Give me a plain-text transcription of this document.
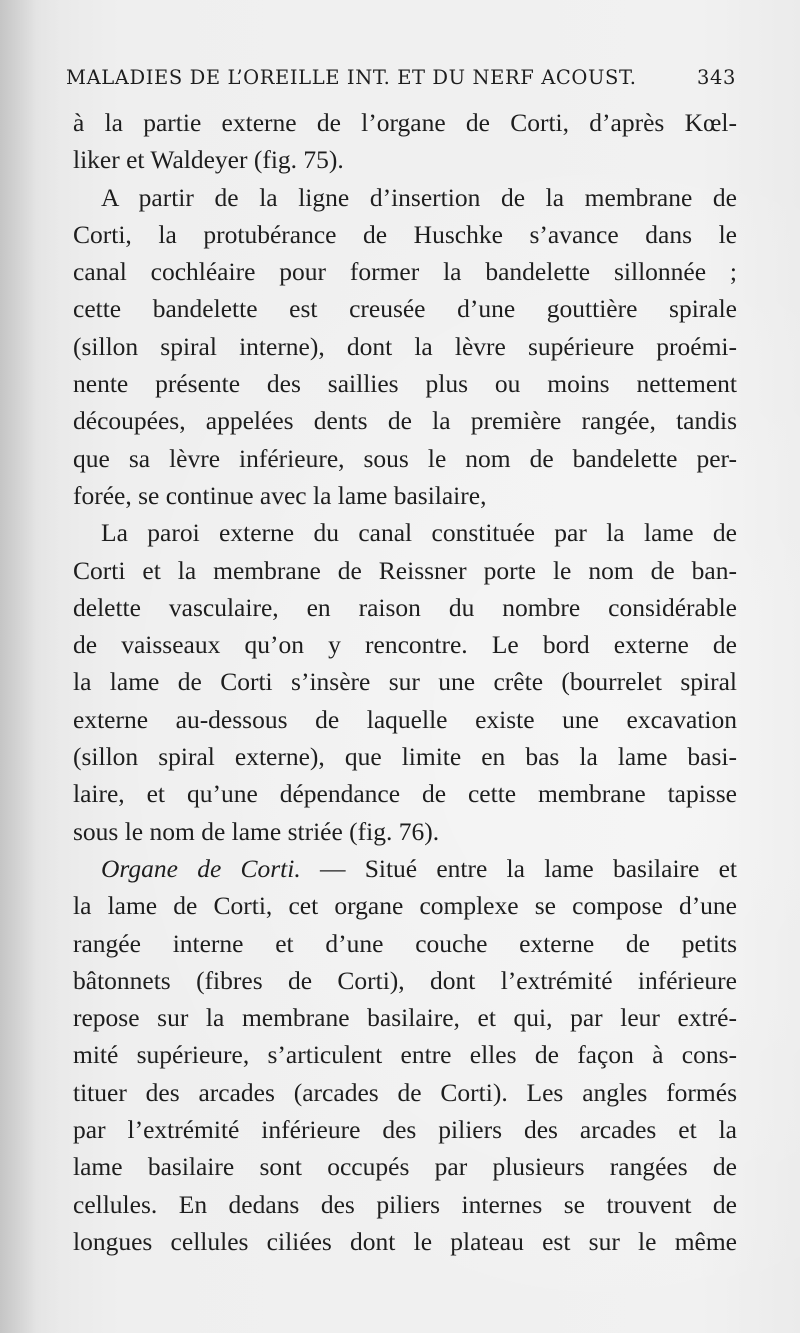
MALADIES DE L’OREILLE INT. ET DU NERF ACOUST.	343
à la partie externe de l’organe de Corti, d’après Kœl-
liker et Waldeyer (fig. 75).
A partir de la ligne d’insertion de la membrane de
Corti, la protubérance de Huschke s’avance dans le
canal cochléaire pour former la bandelette sillonnée ;
cette bandelette est creusée d’une gouttière spirale
(sillon spiral interne), dont la lèvre supérieure proémi-
nente présente des saillies plus ou moins nettement
découpées, appelées dents de la première rangée, tandis
que sa lèvre inférieure, sous le nom de bandelette per-
forée, se continue avec la lame basilaire,
La paroi externe du canal constituée par la lame de
Corti et la membrane de Reissner porte le nom de ban-
delette vasculaire, en raison du nombre considérable
de vaisseaux qu’on y rencontre. Le bord externe de
la lame de Corti s’insère sur une crête (bourrelet spiral
externe au-dessous de laquelle existe une excavation
(sillon spiral externe), que limite en bas la lame basi-
laire, et qu’une dépendance de cette membrane tapisse
sous le nom de lame striée (fig. 76).
Organe de Corti. — Situé entre la lame basilaire et
la lame de Corti, cet organe complexe se compose d’une
rangée interne et d’une couche externe de petits
bâtonnets (fibres de Corti), dont l’extrémité inférieure
repose sur la membrane basilaire, et qui, par leur extré-
mité supérieure, s’articulent entre elles de façon à cons-
tituer des arcades (arcades de Corti). Les angles formés
par l’extrémité inférieure des piliers des arcades et la
lame basilaire sont occupés par plusieurs rangées de
cellules. En dedans des piliers internes se trouvent de
longues cellules ciliées dont le plateau est sur le même
